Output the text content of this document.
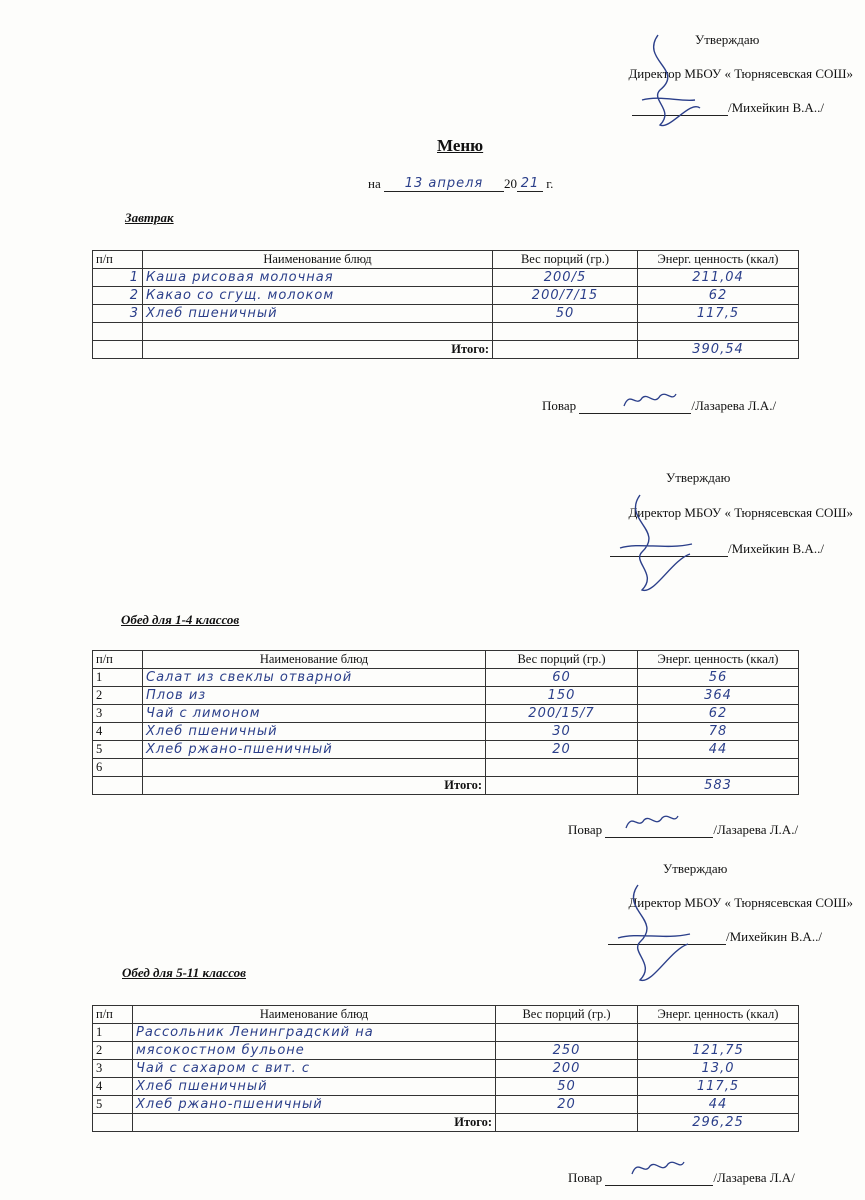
Утверждаю
Директор МБОУ « Тюрнясевская СОШ»
/Михейкин В.А../
Меню
на 13 апреля 20 21 г.
Завтрак
п/п	Наименование блюд	Вес порций (гр.)	Энерг. ценность (ккал)
1	Каша рисовая молочная	200/5	211,04
2	Какао со сгущ. молоком	200/7/15	62
3	Хлеб пшеничный	50	117,5

	Итого:		390,54
Повар	/Лазарева Л.А./
Утверждаю
Директор МБОУ « Тюрнясевская СОШ»
/Михейкин В.А../
Обед для 1-4 классов
п/п	Наименование блюд	Вес порций (гр.)	Энерг. ценность (ккал)
1	Салат из свеклы отварной	60	56
2	Плов из	150	364
3	Чай с лимоном	200/15/7	62
4	Хлеб пшеничный	30	78
5	Хлеб ржано-пшеничный	20	44
6			
	Итого:		583
Повар	/Лазарева Л.А./
Утверждаю
Директор МБОУ « Тюрнясевская СОШ»
/Михейкин В.А../
Обед для 5-11 классов
п/п	Наименование блюд	Вес порций (гр.)	Энерг. ценность (ккал)
1	Рассольник Ленинградский на		
2	мясокостном бульоне	250	121,75
3	Чай с сахаром с вит. с	200	13,0
4	Хлеб пшеничный	50	117,5
5	Хлеб ржано-пшеничный	20	44
	Итого:		296,25
Повар	/Лазарева Л.А/
